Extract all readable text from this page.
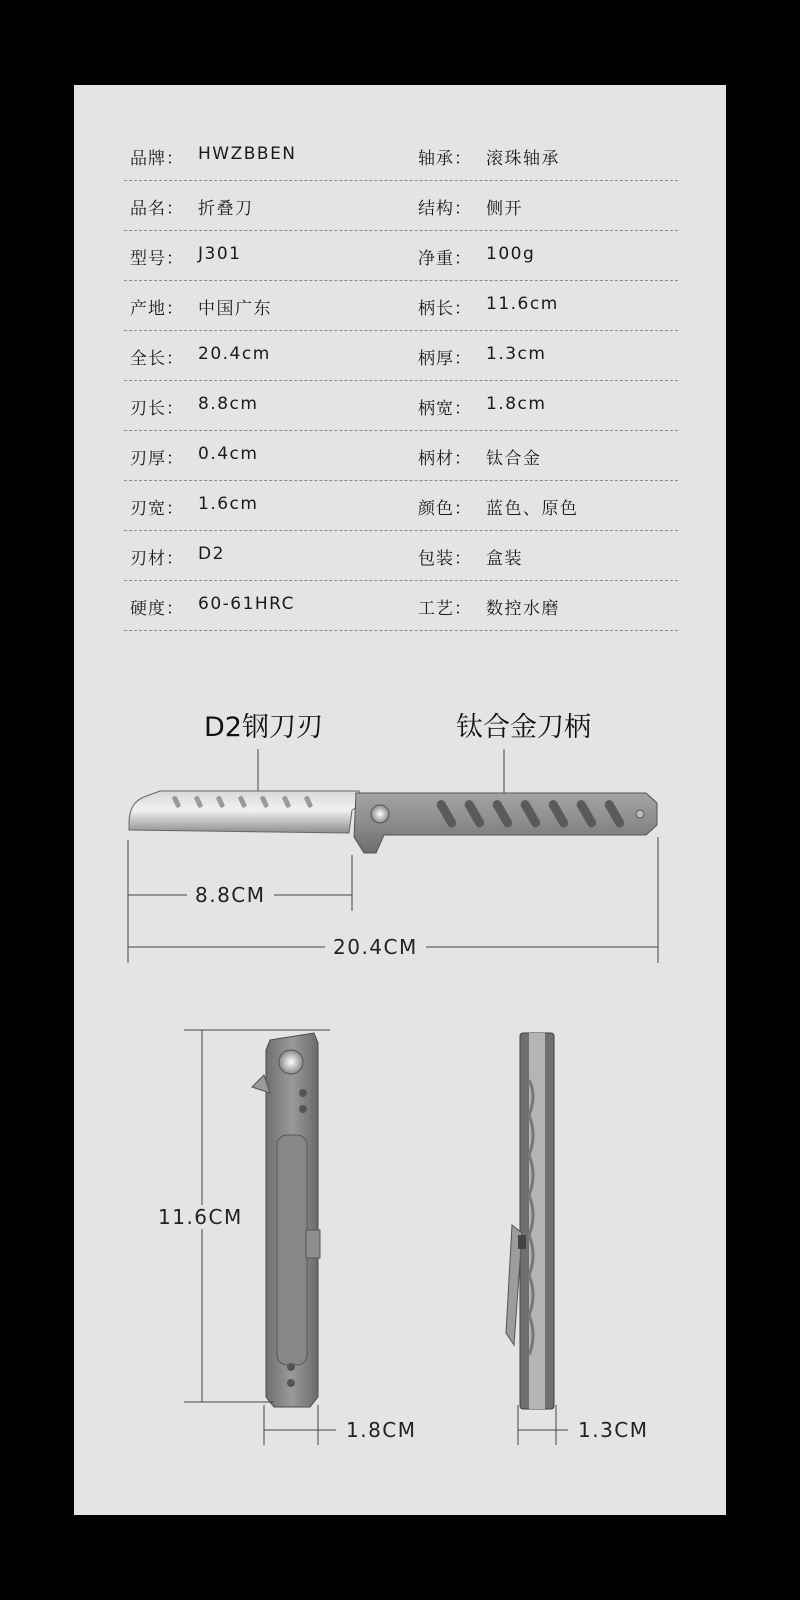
品牌： HWZBBEN	轴承： 滚珠轴承
品名： 折叠刀	结构： 侧开
型号： J301	净重： 100g
产地： 中国广东	柄长： 11.6cm
全长： 20.4cm	柄厚： 1.3cm
刃长： 8.8cm	柄宽： 1.8cm
刃厚： 0.4cm	柄材： 钛合金
刃宽： 1.6cm	颜色： 蓝色、原色
刃材： D2	包装： 盒装
硬度： 60-61HRC	工艺： 数控水磨
D2钢刀刃	钛合金刀柄
8.8CM
20.4CM
11.6CM
1.8CM	1.3CM
